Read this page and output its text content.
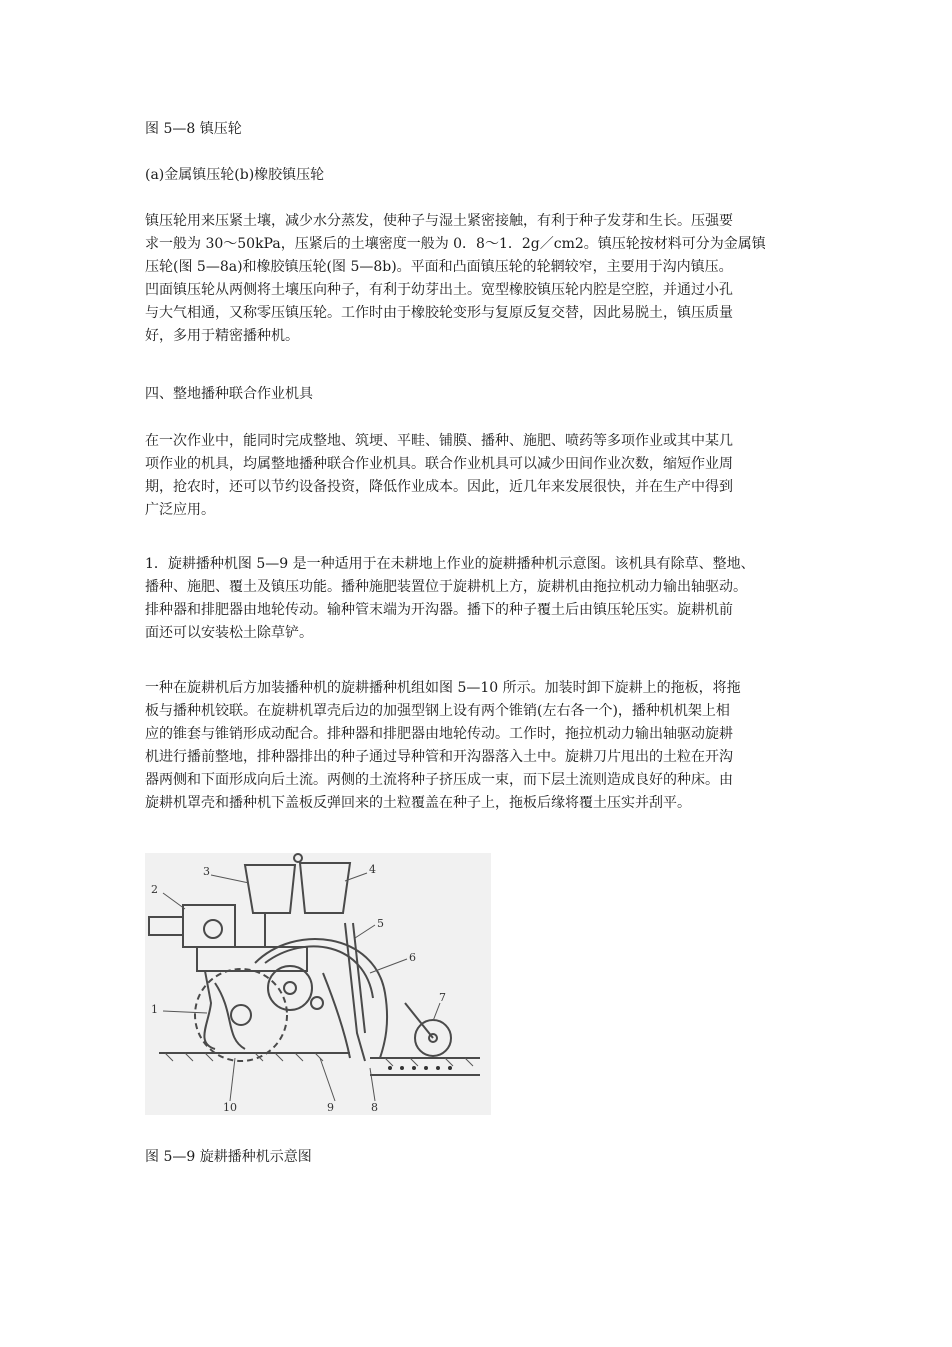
图 5—8 镇压轮
(a)金属镇压轮(b)橡胶镇压轮
镇压轮用来压紧土壤，减少水分蒸发，使种子与湿土紧密接触，有利于种子发芽和生长。压强要
求一般为 30～50kPa，压紧后的土壤密度一般为 0．8～1．2g／cm2。镇压轮按材料可分为金属镇
压轮(图 5—8a)和橡胶镇压轮(图 5—8b)。平面和凸面镇压轮的轮辋较窄，主要用于沟内镇压。
凹面镇压轮从两侧将土壤压向种子，有利于幼芽出土。宽型橡胶镇压轮内腔是空腔，并通过小孔
与大气相通，又称零压镇压轮。工作时由于橡胶轮变形与复原反复交替，因此易脱土，镇压质量
好，多用于精密播种机。
四、整地播种联合作业机具
在一次作业中，能同时完成整地、筑埂、平畦、铺膜、播种、施肥、喷药等多项作业或其中某几
项作业的机具，均属整地播种联合作业机具。联合作业机具可以减少田间作业次数，缩短作业周
期，抢农时，还可以节约设备投资，降低作业成本。因此，近几年来发展很快，并在生产中得到
广泛应用。
1．旋耕播种机图 5—9 是一种适用于在未耕地上作业的旋耕播种机示意图。该机具有除草、整地、
播种、施肥、覆土及镇压功能。播种施肥装置位于旋耕机上方，旋耕机由拖拉机动力输出轴驱动。
排种器和排肥器由地轮传动。输种管末端为开沟器。播下的种子覆土后由镇压轮压实。旋耕机前
面还可以安装松土除草铲。
一种在旋耕机后方加装播种机的旋耕播种机组如图 5—10 所示。加装时卸下旋耕上的拖板，将拖
板与播种机铰联。在旋耕机罩壳后边的加强型钢上设有两个锥销(左右各一个)，播种机机架上相
应的锥套与锥销形成动配合。排种器和排肥器由地轮传动。工作时，拖拉机动力输出轴驱动旋耕
机进行播前整地，排种器排出的种子通过导种管和开沟器落入土中。旋耕刀片甩出的土粒在开沟
器两侧和下面形成向后土流。两侧的土流将种子挤压成一束，而下层土流则造成良好的种床。由
旋耕机罩壳和播种机下盖板反弹回来的土粒覆盖在种子上，拖板后缘将覆土压实并刮平。
1
2
3	4
5
6
7
8
9
10
图 5—9 旋耕播种机示意图
